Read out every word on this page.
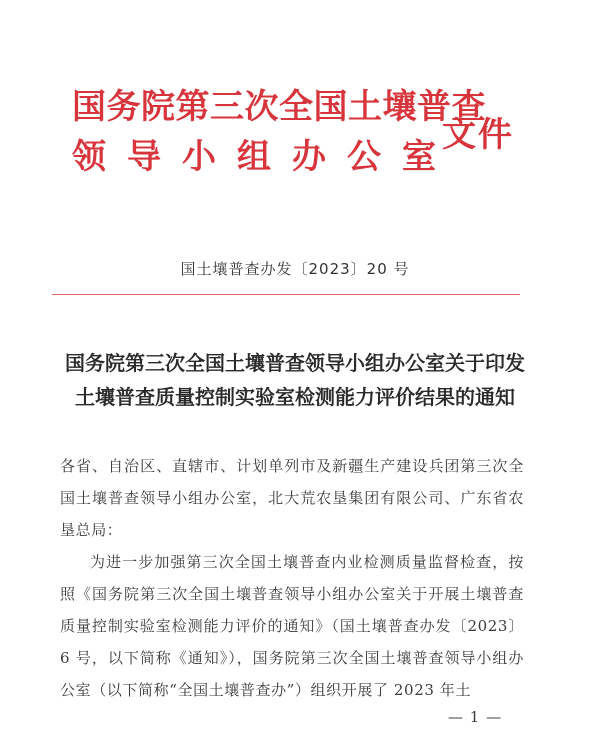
国务院第三次全国土壤普查
领导小组办公室
文件
国土壤普查办发〔2023〕20 号
国务院第三次全国土壤普查领导小组办公室关于印发
土壤普查质量控制实验室检测能力评价结果的通知

各省、自治区、直辖市、计划单列市及新疆生产建设兵团第三次全国土壤普查领导小组办公室，北大荒农垦集团有限公司、广东省农垦总局：

为进一步加强第三次全国土壤普查内业检测质量监督检查，按照《国务院第三次全国土壤普查领导小组办公室关于开展土壤普查质量控制实验室检测能力评价的通知》（国土壤普查办发〔2023〕6 号，以下简称《通知》），国务院第三次全国土壤普查领导小组办公室（以下简称“全国土壤普查办”）组织开展了 2023 年土

— 1 —
